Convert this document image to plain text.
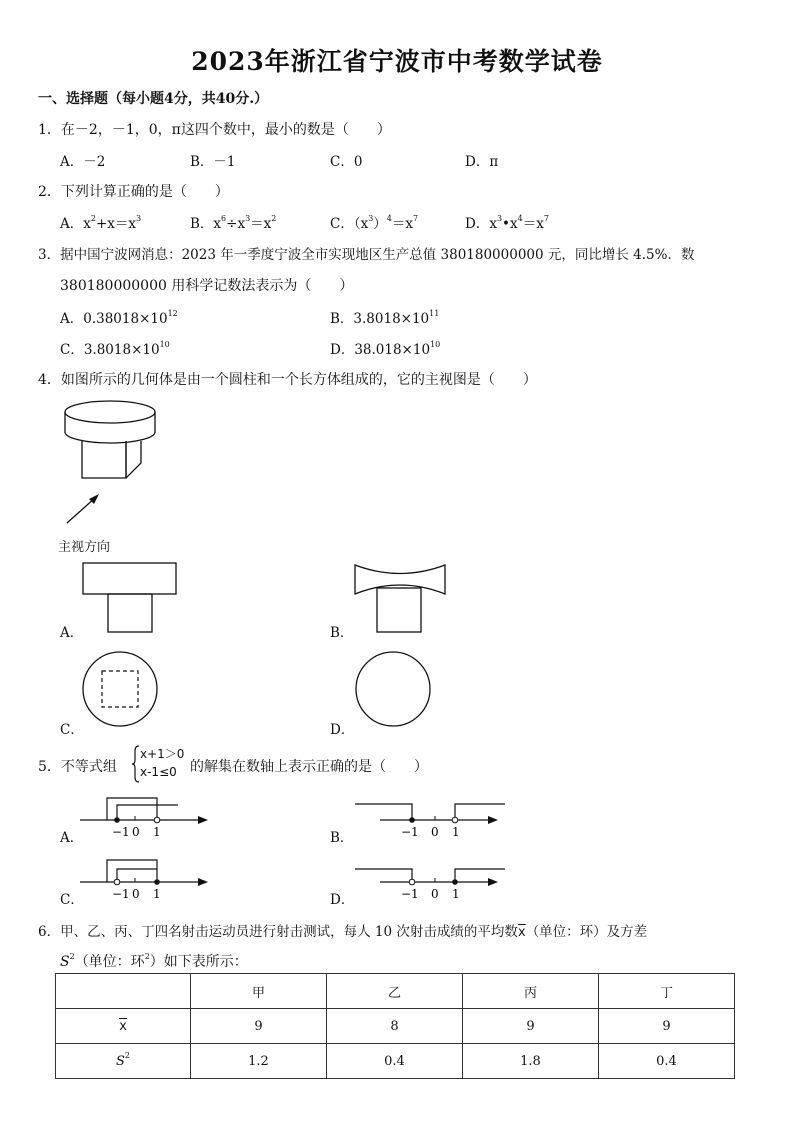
2023年浙江省宁波市中考数学试卷
一、选择题（每小题4分，共40分.）
1．在－2，－1，0，π这四个数中，最小的数是（　　）
A．－2	B．－1	C．0	D．π
2．下列计算正确的是（　　）
A．$x^2+x=x^3$	B．$x^6\div x^3=x^2$	C．$(x^3)^4=x^7$	D．$x^3•x^4=x^7$
3．据中国宁波网消息：2023 年一季度宁波全市实现地区生产总值 380180000000 元，同比增长 4.5%．数
380180000000 用科学记数法表示为（　　）
A．$0.38018\times 10^{12}$	B．$3.8018\times 10^{11}$
C．$3.8018\times 10^{10}$	D．$38.018\times 10^{10}$
4．如图所示的几何体是由一个圆柱和一个长方体组成的，它的主视图是（　　）
主视方向
A．	B．
C．	D．
5．不等式组
x+1＞0
x-1≤0 的解集在数轴上表示正确的是（　　）
−1 0 1
A．	−1 0 1
B．
−1 0 1
C．	−1 0 1
D．
6．甲、乙、丙、丁四名射击运动员进行射击测试，每人 10 次射击成绩的平均数$\overline{x}$（单位：环）及方差
$S^2$（单位：环$^2$）如下表所示：
	甲	乙	丙	丁
$\overline{x}$	9	8	9	9
$S^2$	1.2	0.4	1.8	0.4
